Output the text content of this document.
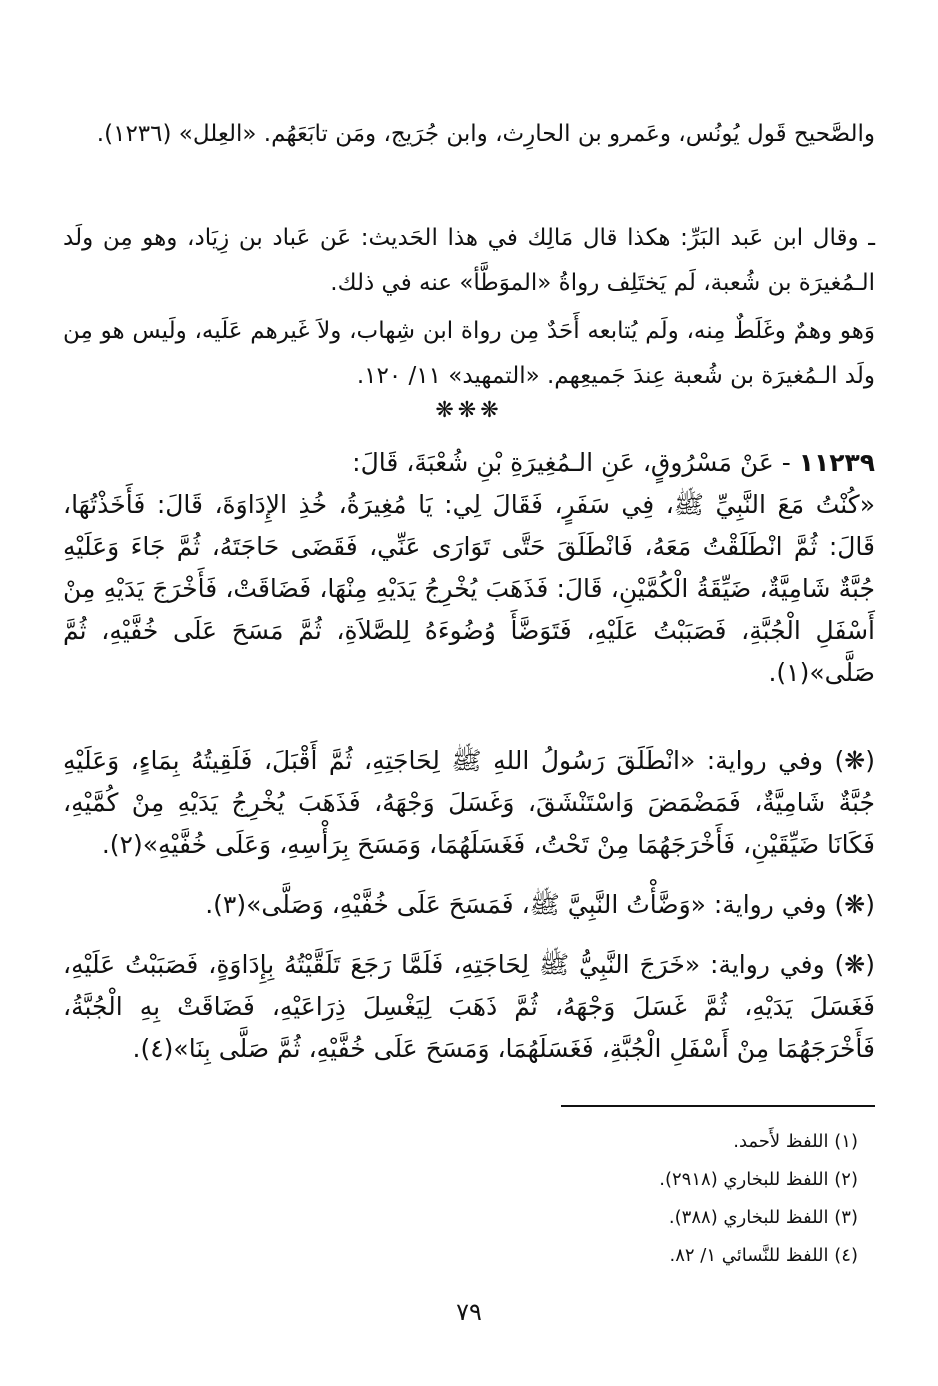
والصَّحيح قَول يُونُس، وعَمرو بن الحارِث، وابن جُرَيج، ومَن تابَعَهُم. «العِلل» (١٢٣٦).

ـ وقال ابن عَبد البَرِّ: هكذا قال مَالِك في هذا الحَديث: عَن عَباد بن زِيَاد، وهو مِن ولَد الـمُغيرَة بن شُعبة، لَم يَختَلِف رواةُ «الموَطَّأ» عنه في ذلك.

وَهو وهمٌ وغَلَطٌ مِنه، ولَم يُتابعه أَحَدٌ مِن رواة ابن شِهاب، ولاَ غَيرهم عَلَيه، ولَيس هو مِن ولَد الـمُغيرَة بن شُعبة عِندَ جَميعِهم. «التمهيد» ١١/ ١٢٠.

❋❋❋

١١٢٣٩ - عَنْ مَسْرُوقٍ، عَنِ الـمُغِيرَةِ بْنِ شُعْبَةَ، قَالَ:

«كُنْتُ مَعَ النَّبِيِّ ﷺ، فِي سَفَرٍ، فَقَالَ لِي: يَا مُغِيرَةُ، خُذِ الإِدَاوَةَ، قَالَ: فَأَخَذْتُهَا، قَالَ: ثُمَّ انْطَلَقْتُ مَعَهُ، فَانْطَلَقَ حَتَّى تَوَارَى عَنِّي، فَقَضَى حَاجَتَهُ، ثُمَّ جَاءَ وَعَلَيْهِ جُبَّةٌ شَامِيَّةٌ، ضَيِّقَةُ الْكُمَّيْنِ، قَالَ: فَذَهَبَ يُخْرِجُ يَدَيْهِ مِنْهَا، فَضَاقَتْ، فَأَخْرَجَ يَدَيْهِ مِنْ أَسْفَلِ الْجُبَّةِ، فَصَبَبْتُ عَلَيْهِ، فَتَوَضَّأَ وُضُوءَهُ لِلصَّلاَةِ، ثُمَّ مَسَحَ عَلَى خُفَّيْهِ، ثُمَّ صَلَّى»(١).

(❋) وفي رواية: «انْطَلَقَ رَسُولُ اللهِ ﷺ لِحَاجَتِهِ، ثُمَّ أَقْبَلَ، فَلَقِيتُهُ بِمَاءٍ، وَعَلَيْهِ جُبَّةٌ شَامِيَّةٌ، فَمَضْمَضَ وَاسْتَنْشَقَ، وَغَسَلَ وَجْهَهُ، فَذَهَبَ يُخْرِجُ يَدَيْهِ مِنْ كُمَّيْهِ، فَكَانَا ضَيِّقَيْنِ، فَأَخْرَجَهُمَا مِنْ تَحْتُ، فَغَسَلَهُمَا، وَمَسَحَ بِرَأْسِهِ، وَعَلَى خُفَّيْهِ»(٢).

(❋) وفي رواية: «وَضَّأْتُ النَّبِيَّ ﷺ، فَمَسَحَ عَلَى خُفَّيْهِ، وَصَلَّى»(٣).

(❋) وفي رواية: «خَرَجَ النَّبِيُّ ﷺ لِحَاجَتِهِ، فَلَمَّا رَجَعَ تَلَقَّيْتُهُ بِإِدَاوَةٍ، فَصَبَبْتُ عَلَيْهِ، فَغَسَلَ يَدَيْهِ، ثُمَّ غَسَلَ وَجْهَهُ، ثُمَّ ذَهَبَ لِيَغْسِلَ ذِرَاعَيْهِ، فَضَاقَتْ بِهِ الْجُبَّةُ، فَأَخْرَجَهُمَا مِنْ أَسْفَلِ الْجُبَّةِ، فَغَسَلَهُمَا، وَمَسَحَ عَلَى خُفَّيْهِ، ثُمَّ صَلَّى بِنَا»(٤).

(١) اللفظ لأَحمد.

(٢) اللفظ للبخاري (٢٩١٨).

(٣) اللفظ للبخاري (٣٨٨).

(٤) اللفظ للنَّسائي ١/ ٨٢.

٧٩
